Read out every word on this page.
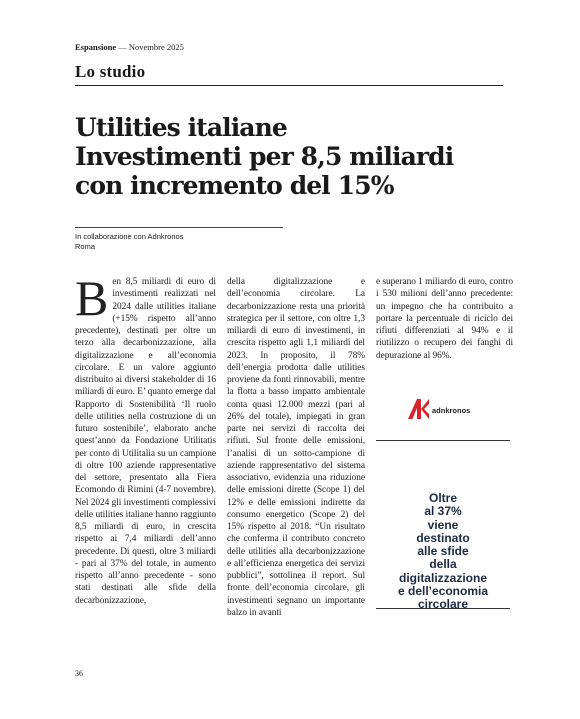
Espansione — Novembre 2025
Lo studio
Utilities italiane
Investimenti per 8,5 miliardi
con incremento del 15%
In collaborazione con Adnkronos
Roma
B en 8,5 miliardi di euro di investimenti realizzati nel 2024 dalle utilities italiane (+15% rispetto all’anno precedente), destinati per oltre un terzo alla decarbonizzazione, alla digitalizzazione e all’economia circolare. E un valore aggiunto distribuito ai diversi stakeholder di 16 miliardi di euro. E’ quanto emerge dal Rapporto di Sostenibilità ‘Il ruolo delle utilities nella costruzione di un futuro sostenibile’, elaborato anche quest’anno da Fondazione Utilitatis per conto di Utilitalia su un campione di oltre 100 aziende rappresentative del settore, presentato alla Fiera Ecomondo di Rimini (4-7 novembre). Nel 2024 gli investimenti complessivi delle utilities italiane hanno raggiunto 8,5 miliardi di euro, in crescita rispetto ai 7,4 miliardi dell’anno precedente. Di questi, oltre 3 miliardi - pari al 37% del totale, in aumento rispetto all’anno precedente - sono stati destinati alle sfide della decarbonizzazione,

della digitalizzazione e dell’economia circolare. La decarbonizzazione resta una priorità strategica per il settore, con oltre 1,3 miliardi di euro di investimenti, in crescita rispetto agli 1,1 miliardi del 2023. In proposito, il 78% dell’energia prodotta dalle utilities proviene da fonti rinnovabili, mentre la flotta a basso impatto ambientale conta quasi 12.000 mezzi (pari al 26% del totale), impiegati in gran parte nei servizi di raccolta dei rifiuti. Sul fronte delle emissioni, l’analisi di un sotto-campione di aziende rappresentativo del sistema associativo, evidenzia una riduzione delle emissioni dirette (Scope 1) del 12% e delle emissioni indirette da consumo energetico (Scope 2) del 15% rispetto al 2018. “Un risultato che conferma il contributo concreto delle utilities alla decarbonizzazione e all’efficienza energetica dei servizi pubblici”, sottolinea il report. Sul fronte dell’economia circolare, gli investimenti segnano un importante balzo in avanti

e superano 1 miliardo di euro, contro i 530 milioni dell’anno precedente: un impegno che ha contribuito a portare la percentuale di riciclo dei rifiuti differenziati al 94% e il riutilizzo o recupero dei fanghi di depurazione al 96%.

adnkronos
Oltre
al 37%
viene
destinato
alle sfide
della
digitalizzazione
e dell’economia
circolare
36
